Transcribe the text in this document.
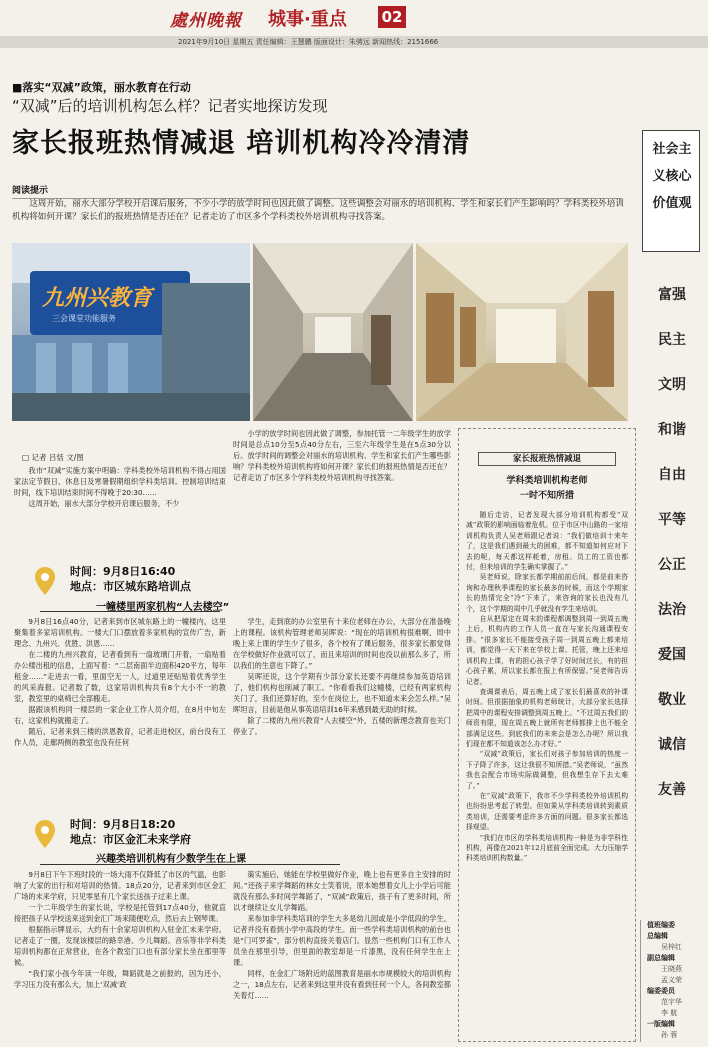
處州晚報 城事·重点 02
2021年9月10日 星期五 责任编辑：王慧鹏 版面设计：朱骋远 新闻热线：2151666
■落实“双减”政策，丽水教育在行动
“双减”后的培训机构怎么样？记者实地探访发现
家长报班热情减退 培训机构冷冷清清
阅读提示
这周开始，丽水大部分学校开启课后服务，不少小学的放学时间也因此做了调整。这些调整会对丽水的培训机构、学生和家长们产生影响吗？学科类校外培训机构将如何开课？家长们的报班热情是否还在？记者走访了市区多个学科类校外培训机构寻找答案。
九州兴教育
三会课堂功能服务
□ 记者 吕恬 文/图

我市“双减”实施方案中明确：学科类校外培训机构不得占用国家法定节假日、休息日及寒暑假期组织学科类培训。控制培训结束时间，线下培训结束时间不得晚于20:30……

这周开始，丽水大部分学校开启课后服务，不少

时间：9月8日16:40
地点：市区城东路培训点
一幢楼里两家机构“人去楼空”

9月8日16点40分，记者来到市区城东路上的一幢楼内，这里聚集着多家培训机构。一楼大门口摆放着多家机构的宣传广告，新理念、九州兴、优胜、洪恩……

在二楼的九州兴教育，记者看到有一扇玻璃门开着，一扇贴着办公楼出租的信息，上面写着：“二层南面半边面积420平方，每年租金……”走进去一看，里面空无一人，过道里还贴贴着优秀学生的风采海报。记者数了数，这家培训机构共有8个大小不一的教室，教室里的桌椅已全部搬走。

据跟该机构同一楼层的一家企业工作人员介绍，在8月中旬左右，这家机构就搬走了。

随后，记者来到三楼的洪恩教育，记者走进校区，前台没有工作人员，走廊两侧的教室也没有任何

时间：9月8日18:20
地点：市区金汇未来学府
兴趣类培训机构有少数学生在上课

9月8日下午下班时段的一场大雨不仅降低了市区的气温，也影响了大家的出行和对培训的热情。18点20分，记者来到市区金汇广场的未来学府，只见零星有几个家长送孩子过来上课。

一个二年级学生的家长说，学校是托管到17点40分，他就直接把孩子从学校送来送到金汇广场来随便吃点，然后去上钢琴课。

根据指示牌显示，大约有十余家培训机构入驻金汇未来学府。记者走了一圈，发现该楼层的路幸港、少儿舞蹈、音乐等非学科类培训机构都在正常营业，在各个教室门口也有部分家长坐在那里等候。

“我们家小孩今年读一年级，舞蹈就是之前报的，因为还小，学习压力没有那么大，加上‘双减’政

小学的放学时间也因此做了调整，参加托管一二年级学生的放学时间是总点10分至5点40分左右，三至六年级学生是在5点30分以后。放学时间的调整会对丽水的培训机构、学生和家长们产生哪些影响？学科类校外培训机构将如何开课？家长们的报班热情是否还在？记者走访了市区多个学科类校外培训机构寻找答案。

学生，走到底的办公室里有十来位老师在办公，大部分在准备晚上的课程。该机构管理老师吴晖说：“现在的培训机构很难啊，周中晚上来上课的学生少了很多，各个校有了课后服务，很多家长都觉得在学校做好作业就可以了，而且来培训的时间也没以前那么多了，所以我们的生意也下降了。”

吴晖还说，这个学期有少部分家长还要不再继续参加英语培训了，他们机构也削减了职工。“你看看我们这幢楼，已经有两家机构关门了，我们还算好的，至少在岗位上，也不知道未来会怎么样。”吴晖坦言，目前是他从事英语培训16年来感到最无助的时候。

除了二楼的九州兴教育“人去楼空”外，五楼的新理念教育也关门停业了。

策实施后，她能在学校里做好作业，晚上也有更多自主安排的时间。”还孩子来学舞蹈的林女士笑着说，原本她想着女儿上小学后可能就没有那么多时间学舞蹈了，“双减”政策后，孩子有了更多时间，所以才继续让女儿学舞蹈。

来参加非学科类培训的学生大多是幼儿园或是小学低段的学生，记者并没有看到小学中高段的学生。而一些学科类培训机构的前台也是“门可罗雀”，部分机构直接关着店门。显然一些机构门口有工作人员坐在那里引导，但里面的教室却是一片漆黑，没有任何学生在上课。

同样，在金汇广场附近的蓝图教育是丽水市规模较大的培训机构之一，18点左右，记者来到这里并没有看到任何一个人，各间教室都关着灯……

家长报班热情减退
学科类培训机构老师
一时不知所措

随后走访，记者发现大部分培训机构都受“双减”政策的影响面临着危机。位于市区中山路的一家培训机构负责人吴老师跟记者说：“我们做培训十来年了，这是我们遇到最大的困难，都不知道如何应对下去的呢，每天都这样耗着，房租、员工的工资也都付，但来培训的学生确实掌握了。”

吴老师说，除家长都学期前前后间，都是前来咨询和办理秋季课程的家长最多的时候，而这个学期家长的热情完全“冷”下来了，来咨询的家长也没有几个，这个学期的周中几乎就没有学生来培训。

自从把原定在周末的课程都调整到周一到周五晚上后，机构内的工作人员一直在与家长沟通课程安排。“很多家长不能接受孩子周一到周五晚上都来培训，都觉得一天下来在学校上课、托管，晚上还来培训机构上课，有的担心孩子学了好时间过长，有的担心孩子累，所以家长都在报上有所保留。”吴老师告诉记者。

查调课表后，周五晚上成了家长们最喜欢的补课时间。但很据抽象的机构老师统计，大部分家长选择把周中的课程安排调整到周五晚上。“不过周五我们的师资有限，现在周五晚上就所有老师都排上也不能全部满足这些。到底我们的未来会是怎么办呢？所以我们现在都不知道该怎么办才好。”

“双减”政策后，家长们对孩子参加培训的热度一下子降了许多，这让我很不知所措。”吴老师说，“虽然我也会配合市场实际做调整，但我想生存下去太难了。”

在“双减”政策下，我市不少学科类校外培训机构也纷纷思考起了转型。但如果从学科类培训转到素质类培训，还需要考虑许多方面的问题。很多家长都选择观望。

“我们在市区的学科类培训机构一种是为非学科性机构，再像在2021年12月底前全面完成。大力压缩学科类培训机构数量。”

社会主义核心价值观
富强
民主
文明
和谐
自由
平等
公正
法治
爱国
敬业
诚信
友善
值班编委
总编辑
吴梓红
副总编辑
王晓燕
孟义荣
编委委员
范宇华
李 航
一版编辑
孙 蓉
